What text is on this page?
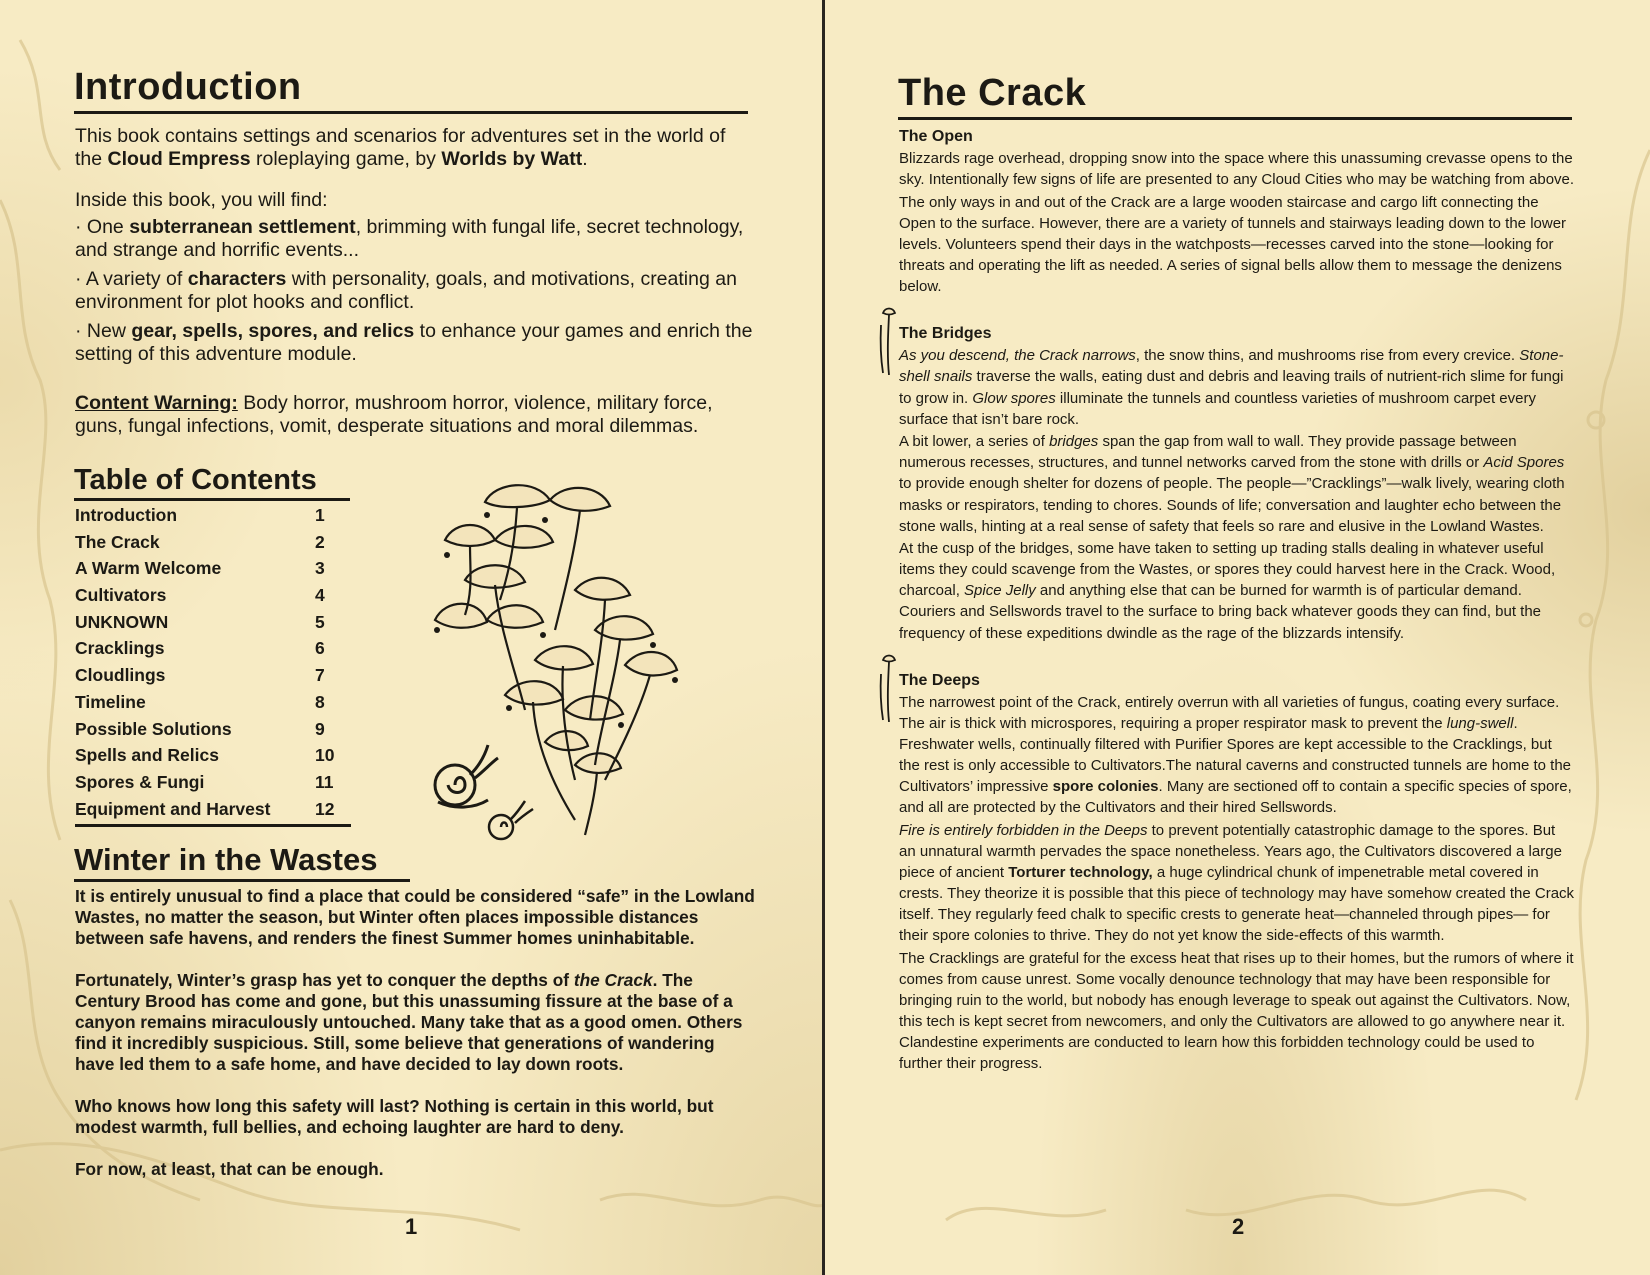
Introduction

This book contains settings and scenarios for adventures set in the world of the Cloud Empress roleplaying game, by Worlds by Watt.

Inside this book, you will find:

· One subterranean settlement, brimming with fungal life, secret technology, and strange and horrific events...

· A variety of characters with personality, goals, and motivations, creating an environment for plot hooks and conflict.

· New gear, spells, spores, and relics to enhance your games and enrich the setting of this adventure module.

Content Warning: Body horror, mushroom horror, violence, military force, guns, fungal infections, vomit, desperate situations and moral dilemmas.

Table of Contents
Introduction	1
The Crack	2
A Warm Welcome	3
Cultivators	4
UNKNOWN	5
Cracklings	6
Cloudlings	7
Timeline	8
Possible Solutions	9
Spells and Relics	10
Spores & Fungi	11
Equipment and Harvest	12
Winter in the Wastes

It is entirely unusual to find a place that could be considered “safe” in the Lowland Wastes, no matter the season, but Winter often places impossible distances between safe havens, and renders the finest Summer homes uninhabitable.

Fortunately, Winter’s grasp has yet to conquer the depths of the Crack. The Century Brood has come and gone, but this unassuming fissure at the base of a canyon remains miraculously untouched. Many take that as a good omen. Others find it incredibly suspicious. Still, some believe that generations of wandering have led them to a safe home, and have decided to lay down roots.

Who knows how long this safety will last? Nothing is certain in this world, but modest warmth, full bellies, and echoing laughter are hard to deny.

For now, at least, that can be enough.

1
The Crack
The Open

Blizzards rage overhead, dropping snow into the space where this unassuming crevasse opens to the sky. Intentionally few signs of life are presented to any Cloud Cities who may be watching from above.

The only ways in and out of the Crack are a large wooden staircase and cargo lift connecting the Open to the surface. However, there are a variety of tunnels and stairways leading down to the lower levels. Volunteers spend their days in the watchposts—recesses carved into the stone—looking for threats and operating the lift as needed. A series of signal bells allow them to message the denizens below.

The Bridges

As you descend, the Crack narrows, the snow thins, and mushrooms rise from every crevice. Stone-shell snails traverse the walls, eating dust and debris and leaving trails of nutrient-rich slime for fungi to grow in. Glow spores illuminate the tunnels and countless varieties of mushroom carpet every surface that isn’t bare rock.

A bit lower, a series of bridges span the gap from wall to wall. They provide passage between numerous recesses, structures, and tunnel networks carved from the stone with drills or Acid Spores to provide enough shelter for dozens of people. The people—”Cracklings”—walk lively, wearing cloth masks or respirators, tending to chores. Sounds of life; conversation and laughter echo between the stone walls, hinting at a real sense of safety that feels so rare and elusive in the Lowland Wastes.

At the cusp of the bridges, some have taken to setting up trading stalls dealing in whatever useful items they could scavenge from the Wastes, or spores they could harvest here in the Crack. Wood, charcoal, Spice Jelly and anything else that can be burned for warmth is of particular demand. Couriers and Sellswords travel to the surface to bring back whatever goods they can find, but the frequency of these expeditions dwindle as the rage of the blizzards intensify.

The Deeps

The narrowest point of the Crack, entirely overrun with all varieties of fungus, coating every surface. The air is thick with microspores, requiring a proper respirator mask to prevent the lung-swell. Freshwater wells, continually filtered with Purifier Spores are kept accessible to the Cracklings, but the rest is only accessible to Cultivators.The natural caverns and constructed tunnels are home to the Cultivators’ impressive spore colonies. Many are sectioned off to contain a specific species of spore, and all are protected by the Cultivators and their hired Sellswords.

Fire is entirely forbidden in the Deeps to prevent potentially catastrophic damage to the spores. But an unnatural warmth pervades the space nonetheless. Years ago, the Cultivators discovered a large piece of ancient Torturer technology, a huge cylindrical chunk of impenetrable metal covered in crests. They theorize it is possible that this piece of technology may have somehow created the Crack itself. They regularly feed chalk to specific crests to generate heat—channeled through pipes— for their spore colonies to thrive. They do not yet know the side-effects of this warmth.

The Cracklings are grateful for the excess heat that rises up to their homes, but the rumors of where it comes from cause unrest. Some vocally denounce technology that may have been responsible for bringing ruin to the world, but nobody has enough leverage to speak out against the Cultivators. Now, this tech is kept secret from newcomers, and only the Cultivators are allowed to go anywhere near it. Clandestine experiments are conducted to learn how this forbidden technology could be used to further their progress.

2
